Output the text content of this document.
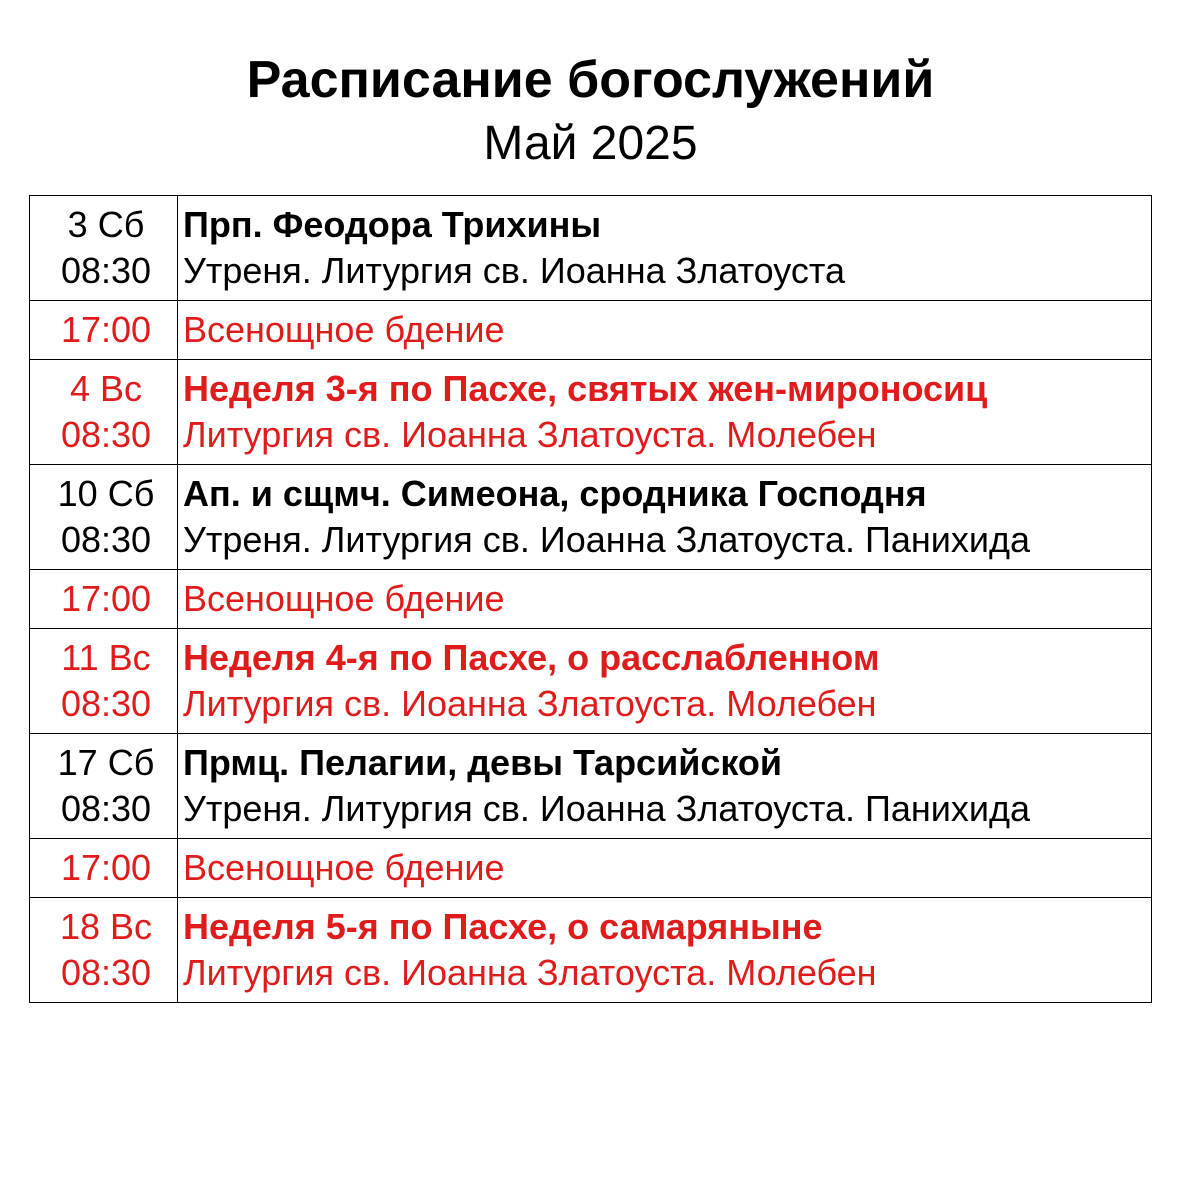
Расписание богослужений
Май 2025
3 Сб
08:30	Прп. Феодора Трихины
Утреня. Литургия св. Иоанна Златоуста

17:00	Всенощное бдение

4 Вс
08:30	Неделя 3-я по Пасхе, святых жен-мироносиц
Литургия св. Иоанна Златоуста. Молебен

10 Сб
08:30	Ап. и сщмч. Симеона, сродника Господня
Утреня. Литургия св. Иоанна Златоуста. Панихида

17:00	Всенощное бдение

11 Вс
08:30	Неделя 4-я по Пасхе, о расслабленном
Литургия св. Иоанна Златоуста. Молебен

17 Сб
08:30	Прмц. Пелагии, девы Тарсийской
Утреня. Литургия св. Иоанна Златоуста. Панихида

17:00	Всенощное бдение

18 Вс
08:30	Неделя 5-я по Пасхе, о самаряныне
Литургия св. Иоанна Златоуста. Молебен
